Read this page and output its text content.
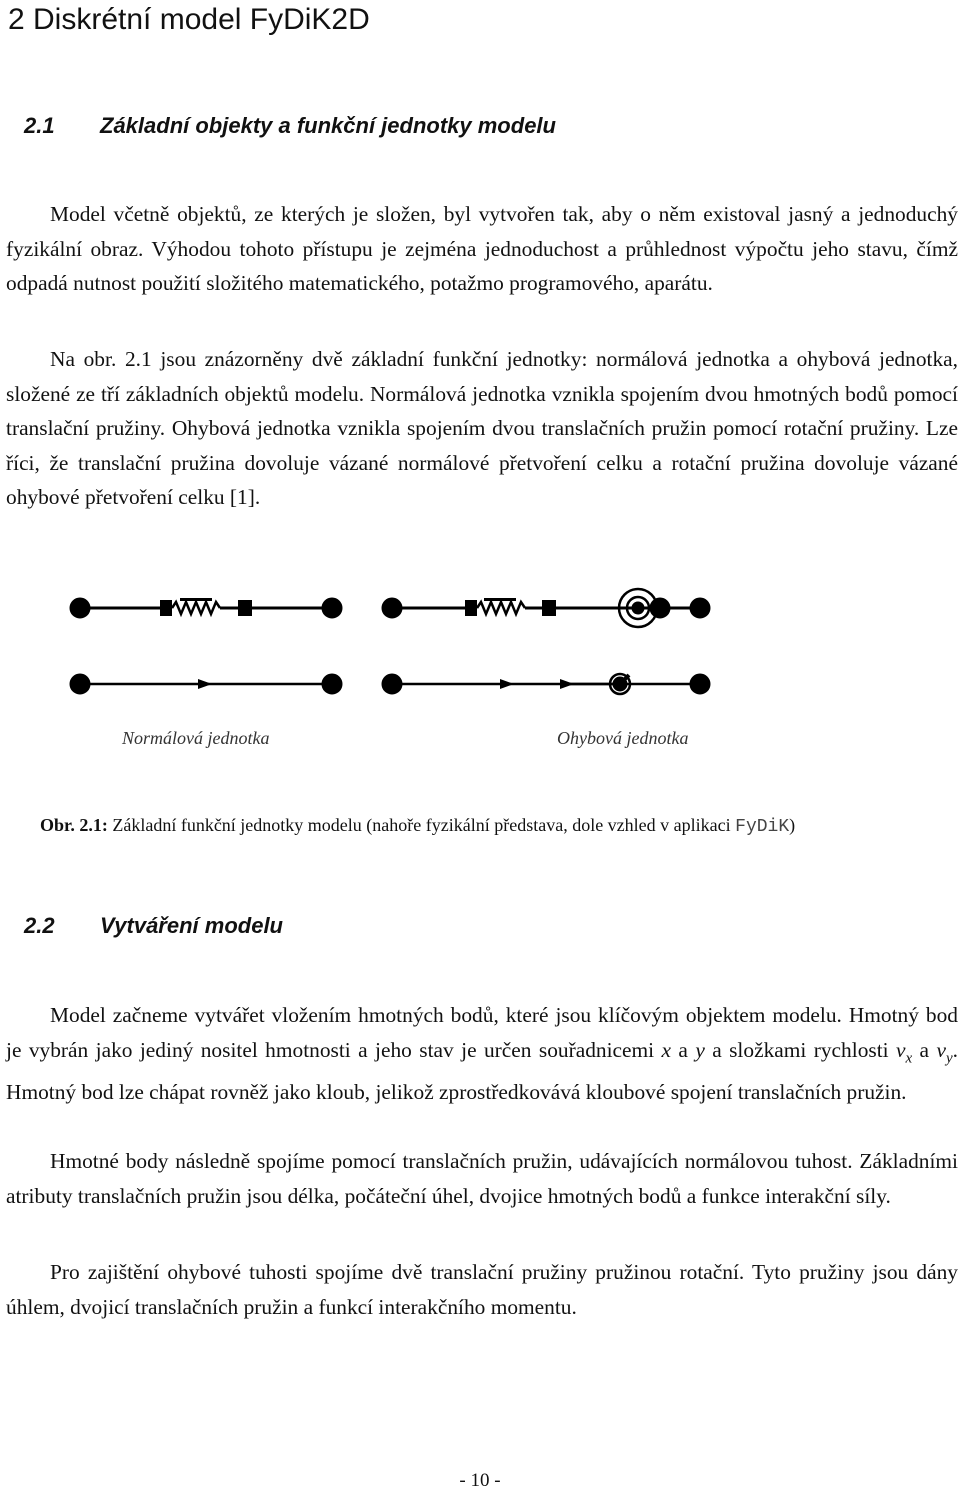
2 Diskrétní model FyDiK2D
2.1 Základní objekty a funkční jednotky modelu

Model včetně objektů, ze kterých je složen, byl vytvořen tak, aby o něm existoval jasný a jednoduchý fyzikální obraz. Výhodou tohoto přístupu je zejména jednoduchost a průhlednost výpočtu jeho stavu, čímž odpadá nutnost použití složitého matematického, potažmo programového, aparátu.

Na obr. 2.1 jsou znázorněny dvě základní funkční jednotky: normálová jednotka a ohybová jednotka, složené ze tří základních objektů modelu. Normálová jednotka vznikla spojením dvou hmotných bodů pomocí translační pružiny. Ohybová jednotka vznikla spojením dvou translačních pružin pomocí rotační pružiny. Lze říci, že translační pružina dovoluje vázané normálové přetvoření celku a rotační pružina dovoluje vázané ohybové přetvoření celku [1].

Normálová jednotka	Ohybová jednotka
Obr. 2.1: Základní funkční jednotky modelu (nahoře fyzikální představa, dole vzhled v aplikaci FyDiK)
2.2 Vytváření modelu

Model začneme vytvářet vložením hmotných bodů, které jsou klíčovým objektem modelu. Hmotný bod je vybrán jako jediný nositel hmotnosti a jeho stav je určen souřadnicemi x a y a složkami rychlosti $v_x$ a $v_y$. Hmotný bod lze chápat rovněž jako kloub, jelikož zprostředkovává kloubové spojení translačních pružin.

Hmotné body následně spojíme pomocí translačních pružin, udávajících normálovou tuhost. Základními atributy translačních pružin jsou délka, počáteční úhel, dvojice hmotných bodů a funkce interakční síly.

Pro zajištění ohybové tuhosti spojíme dvě translační pružiny pružinou rotační. Tyto pružiny jsou dány úhlem, dvojicí translačních pružin a funkcí interakčního momentu.

- 10 -
